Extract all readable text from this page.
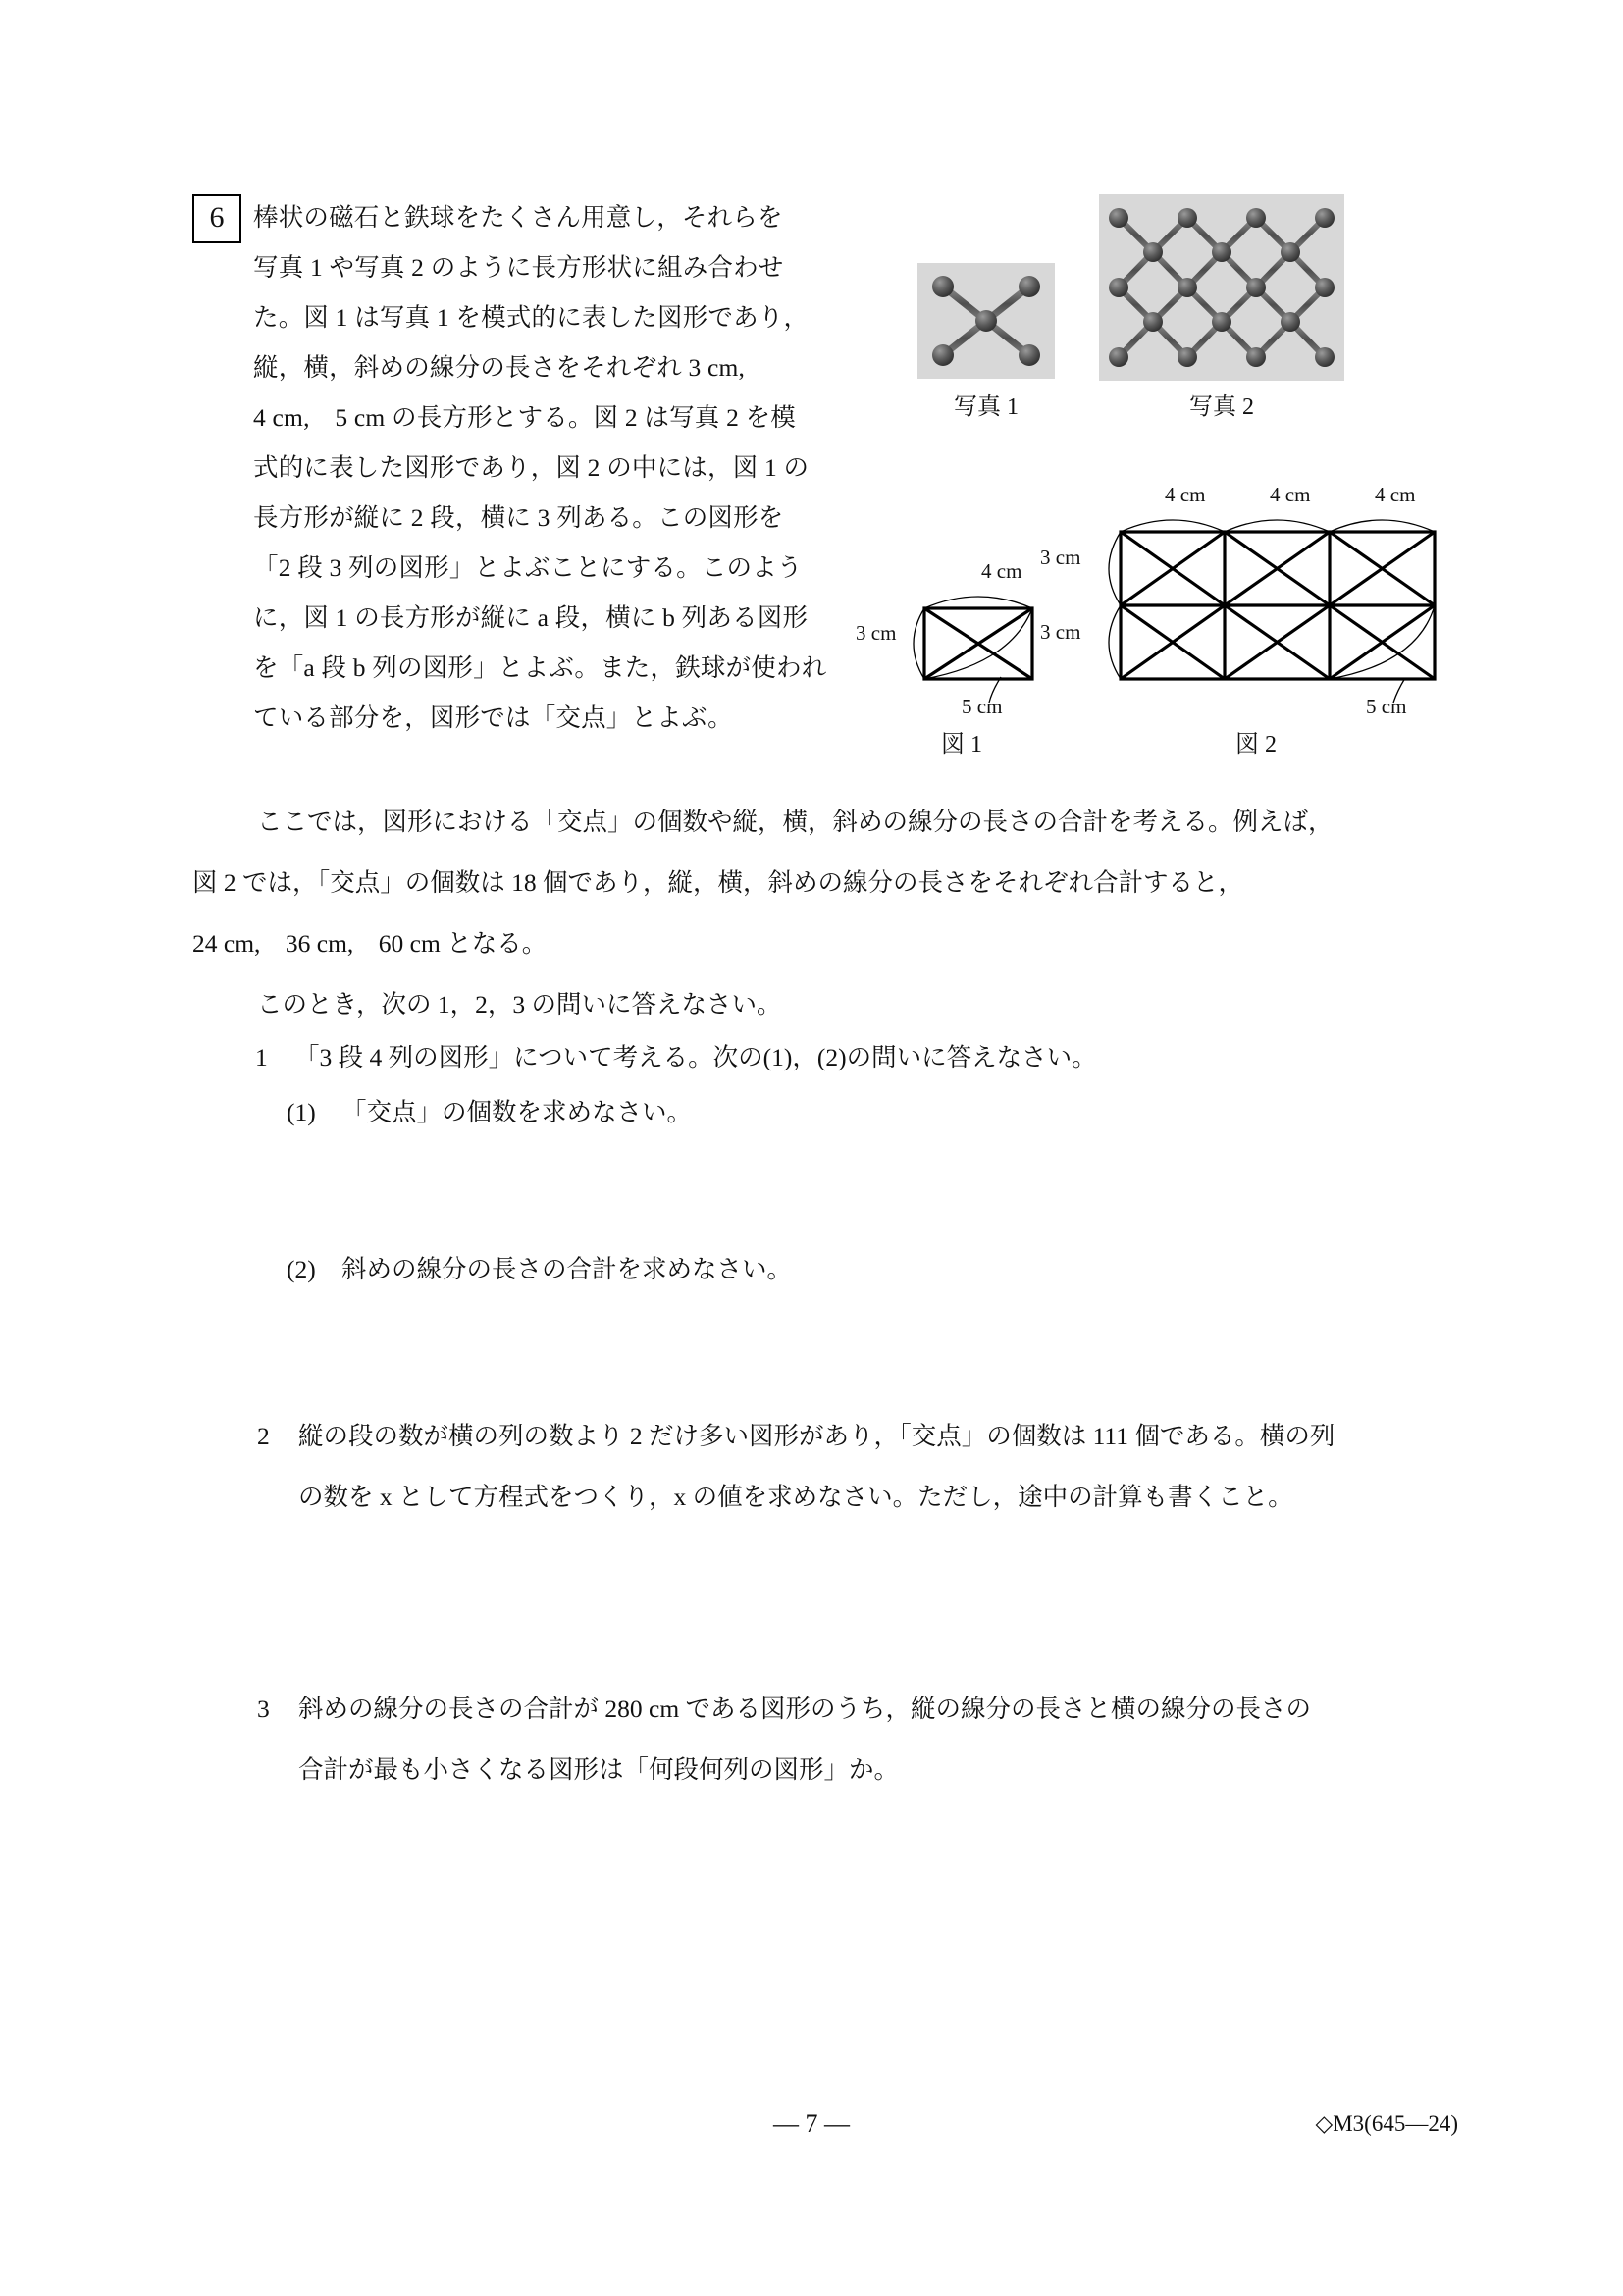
6	棒状の磁石と鉄球をたくさん用意し，それらを
写真 1 や写真 2 のように長方形状に組み合わせ
た。図 1 は写真 1 を模式的に表した図形であり，
縦，横，斜めの線分の長さをそれぞれ 3 cm,
4 cm,　5 cm の長方形とする。図 2 は写真 2 を模
式的に表した図形であり，図 2 の中には，図 1 の
長方形が縦に 2 段，横に 3 列ある。この図形を
「2 段 3 列の図形」とよぶことにする。このよう
に，図 1 の長方形が縦に a 段，横に b 列ある図形
を「a 段 b 列の図形」とよぶ。また，鉄球が使われ
ている部分を，図形では「交点」とよぶ。
写真 1	写真 2
4 cm
3 cm
5 cm
4 cm	4 cm	4 cm
3 cm
3 cm
5 cm
図 1	図 2
ここでは，図形における「交点」の個数や縦，横，斜めの線分の長さの合計を考える。例えば，
図 2 では，「交点」の個数は 18 個であり，縦，横，斜めの線分の長さをそれぞれ合計すると，
24 cm,　36 cm,　60 cm となる。
このとき，次の 1，2，3 の問いに答えなさい。
1 「3 段 4 列の図形」について考える。次の(1)，(2)の問いに答えなさい。
(1) 「交点」の個数を求めなさい。
(2) 斜めの線分の長さの合計を求めなさい。
2 縦の段の数が横の列の数より 2 だけ多い図形があり，「交点」の個数は 111 個である。横の列
の数を x として方程式をつくり，x の値を求めなさい。ただし，途中の計算も書くこと。
3 斜めの線分の長さの合計が 280 cm である図形のうち，縦の線分の長さと横の線分の長さの
合計が最も小さくなる図形は「何段何列の図形」か。
— 7 —	◇M3(645—24)
